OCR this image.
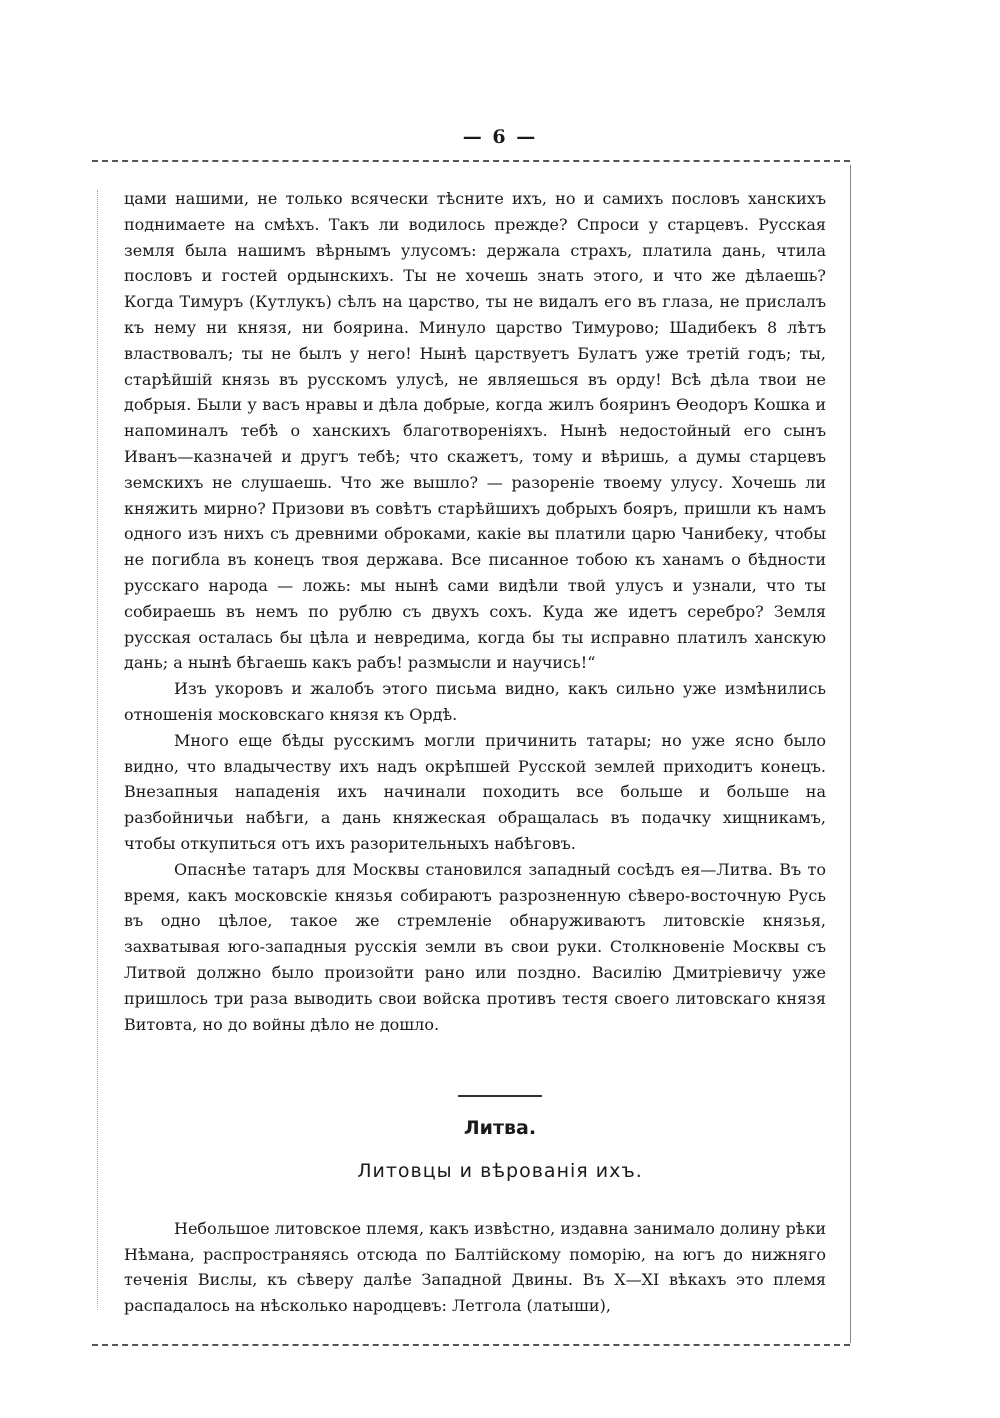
— 6 —

цами нашими, не только всячески тѣсните ихъ, но и самихъ пословъ ханскихъ поднимаете на смѣхъ. Такъ ли водилось прежде? Спроси у старцевъ. Русская земля была нашимъ вѣрнымъ улусомъ: держала страхъ, платила дань, чтила пословъ и гостей ордынскихъ. Ты не хочешь знать этого, и что же дѣлаешь? Когда Тимуръ (Кутлукъ) сѣлъ на царство, ты не видалъ его въ глаза, не прислалъ къ нему ни князя, ни боярина. Минуло царство Тимурово; Шадибекъ 8 лѣтъ властвовалъ; ты не былъ у него! Нынѣ царствуетъ Булатъ уже третій годъ; ты, старѣйшій князь въ русскомъ улусѣ, не являешься въ орду! Всѣ дѣла твои не добрыя. Были у васъ нравы и дѣла добрые, когда жилъ бояринъ Ѳеодоръ Кошка и напоминалъ тебѣ о ханскихъ благотвореніяхъ. Нынѣ недостойный его сынъ Иванъ—казначей и другъ тебѣ; что скажетъ, тому и вѣришь, а думы старцевъ земскихъ не слушаешь. Что же вышло? — разореніе твоему улусу. Хочешь ли княжить мирно? Призови въ совѣтъ старѣйшихъ добрыхъ бояръ, пришли къ намъ одного изъ нихъ съ древними оброками, какіе вы платили царю Чанибеку, чтобы не погибла въ конецъ твоя держава. Все писанное тобою къ ханамъ о бѣдности русскаго народа — ложь: мы нынѣ сами видѣли твой улусъ и узнали, что ты собираешь въ немъ по рублю съ двухъ сохъ. Куда же идетъ серебро? Земля русская осталась бы цѣла и невредима, когда бы ты исправно платилъ ханскую дань; а нынѣ бѣгаешь какъ рабъ! размысли и научись!“

Изъ укоровъ и жалобъ этого письма видно, какъ сильно уже измѣнились отношенія московскаго князя къ Ордѣ.

Много еще бѣды русскимъ могли причинить татары; но уже ясно было видно, что владычеству ихъ надъ окрѣпшей Русской землей приходитъ конецъ. Внезапныя нападенія ихъ начинали походить все больше и больше на разбойничьи набѣги, а дань княжеская обращалась въ подачку хищникамъ, чтобы откупиться отъ ихъ разорительныхъ набѣговъ.

Опаснѣе татаръ для Москвы становился западный сосѣдъ ея—Литва. Въ то время, какъ московскіе князья собираютъ разрозненную сѣверо-восточную Русь въ одно цѣлое, такое же стремленіе обнаруживаютъ литовскіе князья, захватывая юго-западныя русскія земли въ свои руки. Столкновеніе Москвы съ Литвой должно было произойти рано или поздно. Василію Дмитріевичу уже пришлось три раза выводить свои войска противъ тестя своего литовскаго князя Витовта, но до войны дѣло не дошло.

Литва.
Литовцы и вѣрованія ихъ.

Небольшое литовское племя, какъ извѣстно, издавна занимало долину рѣки Нѣмана, распространяясь отсюда по Балтійскому поморію, на югъ до нижняго теченія Вислы, къ сѣверу далѣе Западной Двины. Въ X—XI вѣкахъ это племя распадалось на нѣсколько народцевъ: Летгола (латыши),
